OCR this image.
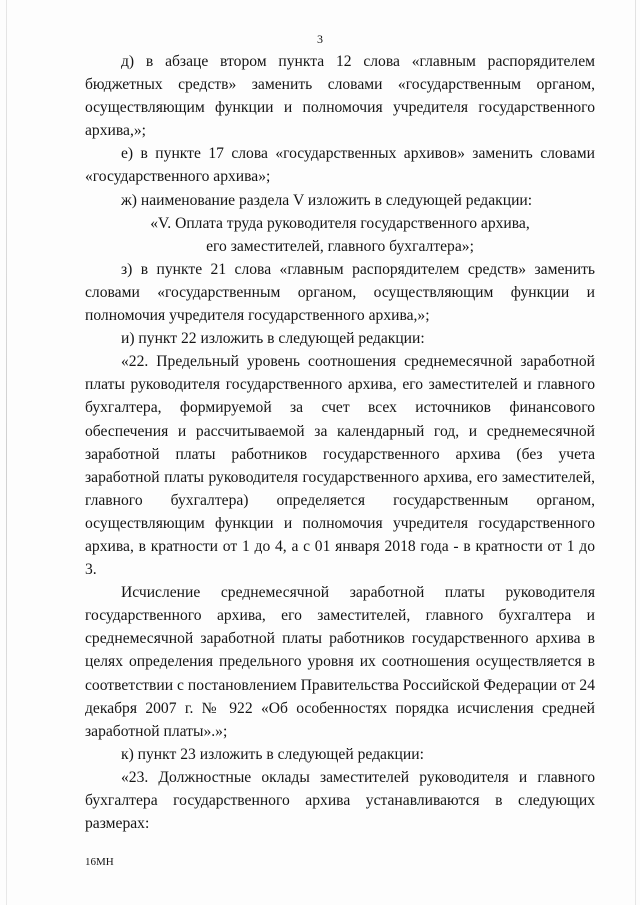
3

д) в абзаце втором пункта 12 слова «главным распорядителем бюджетных средств» заменить словами «государственным органом, осуществляющим функции и полномочия учредителя государственного архива,»;

е) в пункте 17 слова «государственных архивов» заменить словами «государственного архива»;

ж) наименование раздела V изложить в следующей редакции:

«V. Оплата труда руководителя государственного архива,

его заместителей, главного бухгалтера»;

з) в пункте 21 слова «главным распорядителем средств» заменить словами «государственным органом, осуществляющим функции и полномочия учредителя государственного архива,»;

и) пункт 22 изложить в следующей редакции:

«22. Предельный уровень соотношения среднемесячной заработной платы руководителя государственного архива, его заместителей и главного бухгалтера, формируемой за счет всех источников финансового обеспечения и рассчитываемой за календарный год, и среднемесячной заработной платы работников государственного архива (без учета заработной платы руководителя государственного архива, его заместителей, главного бухгалтера) определяется государственным органом, осуществляющим функции и полномочия учредителя государственного архива, в кратности от 1 до 4, а с 01 января 2018 года - в кратности от 1 до 3.

Исчисление среднемесячной заработной платы руководителя государственного архива, его заместителей, главного бухгалтера и среднемесячной заработной платы работников государственного архива в целях определения предельного уровня их соотношения осуществляется в соответствии с постановлением Правительства Российской Федерации от 24 декабря 2007 г. № 922 «Об особенностях порядка исчисления средней заработной платы».»;

к) пункт 23 изложить в следующей редакции:

«23. Должностные оклады заместителей руководителя и главного бухгалтера государственного архива устанавливаются в следующих размерах:

16МН
